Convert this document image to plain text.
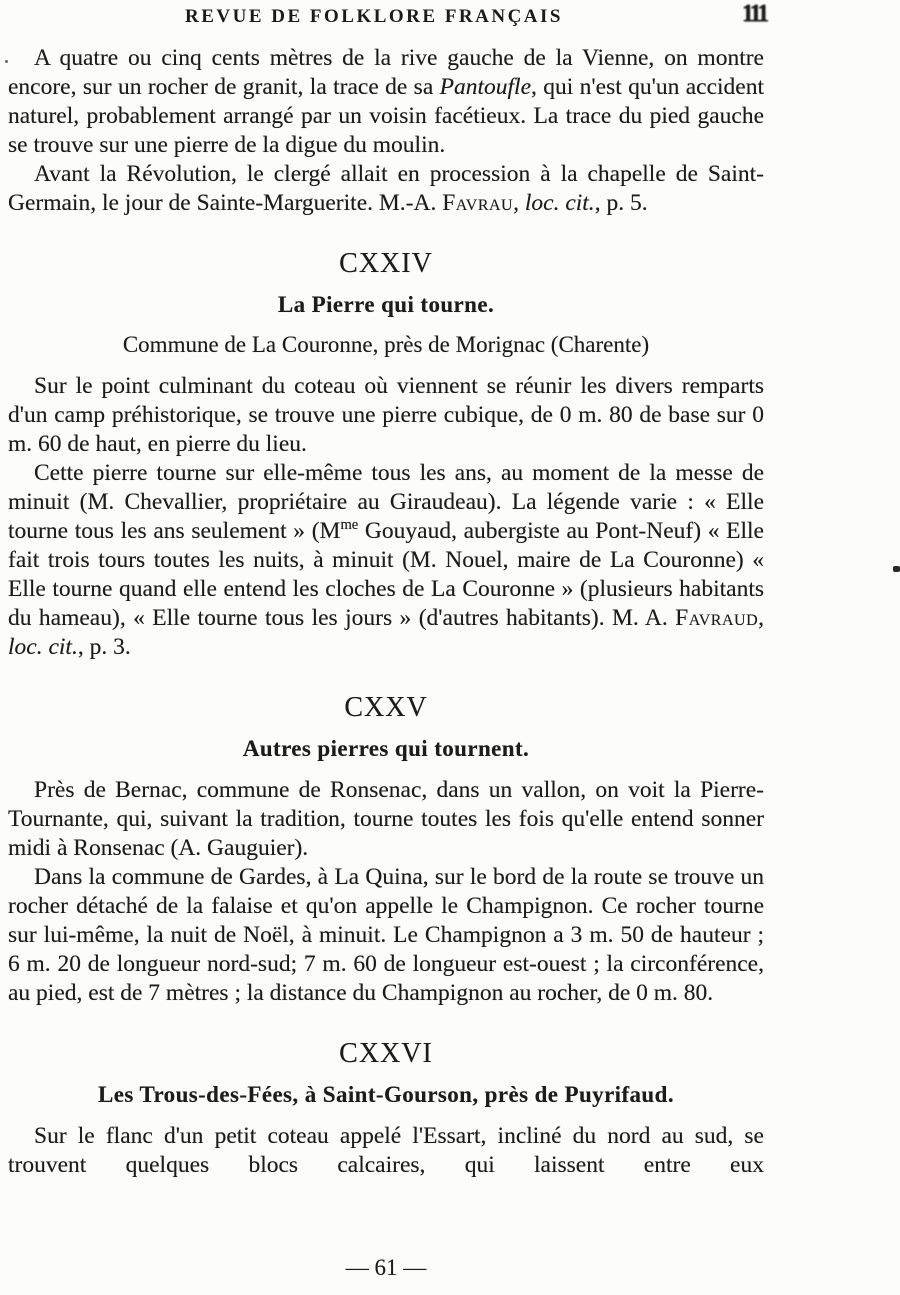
REVUE DE FOLKLORE FRANÇAIS	111

A quatre ou cinq cents mètres de la rive gauche de la Vienne, on montre encore, sur un rocher de granit, la trace de sa Pantoufle, qui n'est qu'un accident naturel, probablement arrangé par un voisin facétieux. La trace du pied gauche se trouve sur une pierre de la digue du moulin.

Avant la Révolution, le clergé allait en procession à la chapelle de Saint-Germain, le jour de Sainte-Marguerite. M.-A. Favrau, loc. cit., p. 5.

CXXIV
La Pierre qui tourne.
Commune de La Couronne, près de Morignac (Charente)

Sur le point culminant du coteau où viennent se réunir les divers remparts d'un camp préhistorique, se trouve une pierre cubique, de 0 m. 80 de base sur 0 m. 60 de haut, en pierre du lieu.

Cette pierre tourne sur elle-même tous les ans, au moment de la messe de minuit (M. Chevallier, propriétaire au Giraudeau). La légende varie : « Elle tourne tous les ans seulement » ($M^{me}$ Gouyaud, aubergiste au Pont-Neuf) « Elle fait trois tours toutes les nuits, à minuit (M. Nouel, maire de La Couronne) « Elle tourne quand elle entend les cloches de La Couronne » (plusieurs habitants du hameau), « Elle tourne tous les jours » (d'autres habitants). M. A. Favraud, loc. cit., p. 3.

CXXV
Autres pierres qui tournent.

Près de Bernac, commune de Ronsenac, dans un vallon, on voit la Pierre-Tournante, qui, suivant la tradition, tourne toutes les fois qu'elle entend sonner midi à Ronsenac (A. Gauguier).

Dans la commune de Gardes, à La Quina, sur le bord de la route se trouve un rocher détaché de la falaise et qu'on appelle le Champignon. Ce rocher tourne sur lui-même, la nuit de Noël, à minuit. Le Champignon a 3 m. 50 de hauteur ; 6 m. 20 de longueur nord-sud; 7 m. 60 de longueur est-ouest ; la circonférence, au pied, est de 7 mètres ; la distance du Champignon au rocher, de 0 m. 80.

CXXVI
Les Trous-des-Fées, à Saint-Gourson, près de Puyrifaud.

Sur le flanc d'un petit coteau appelé l'Essart, incliné du nord au sud, se trouvent quelques blocs calcaires, qui laissent entre eux

— 61 —
